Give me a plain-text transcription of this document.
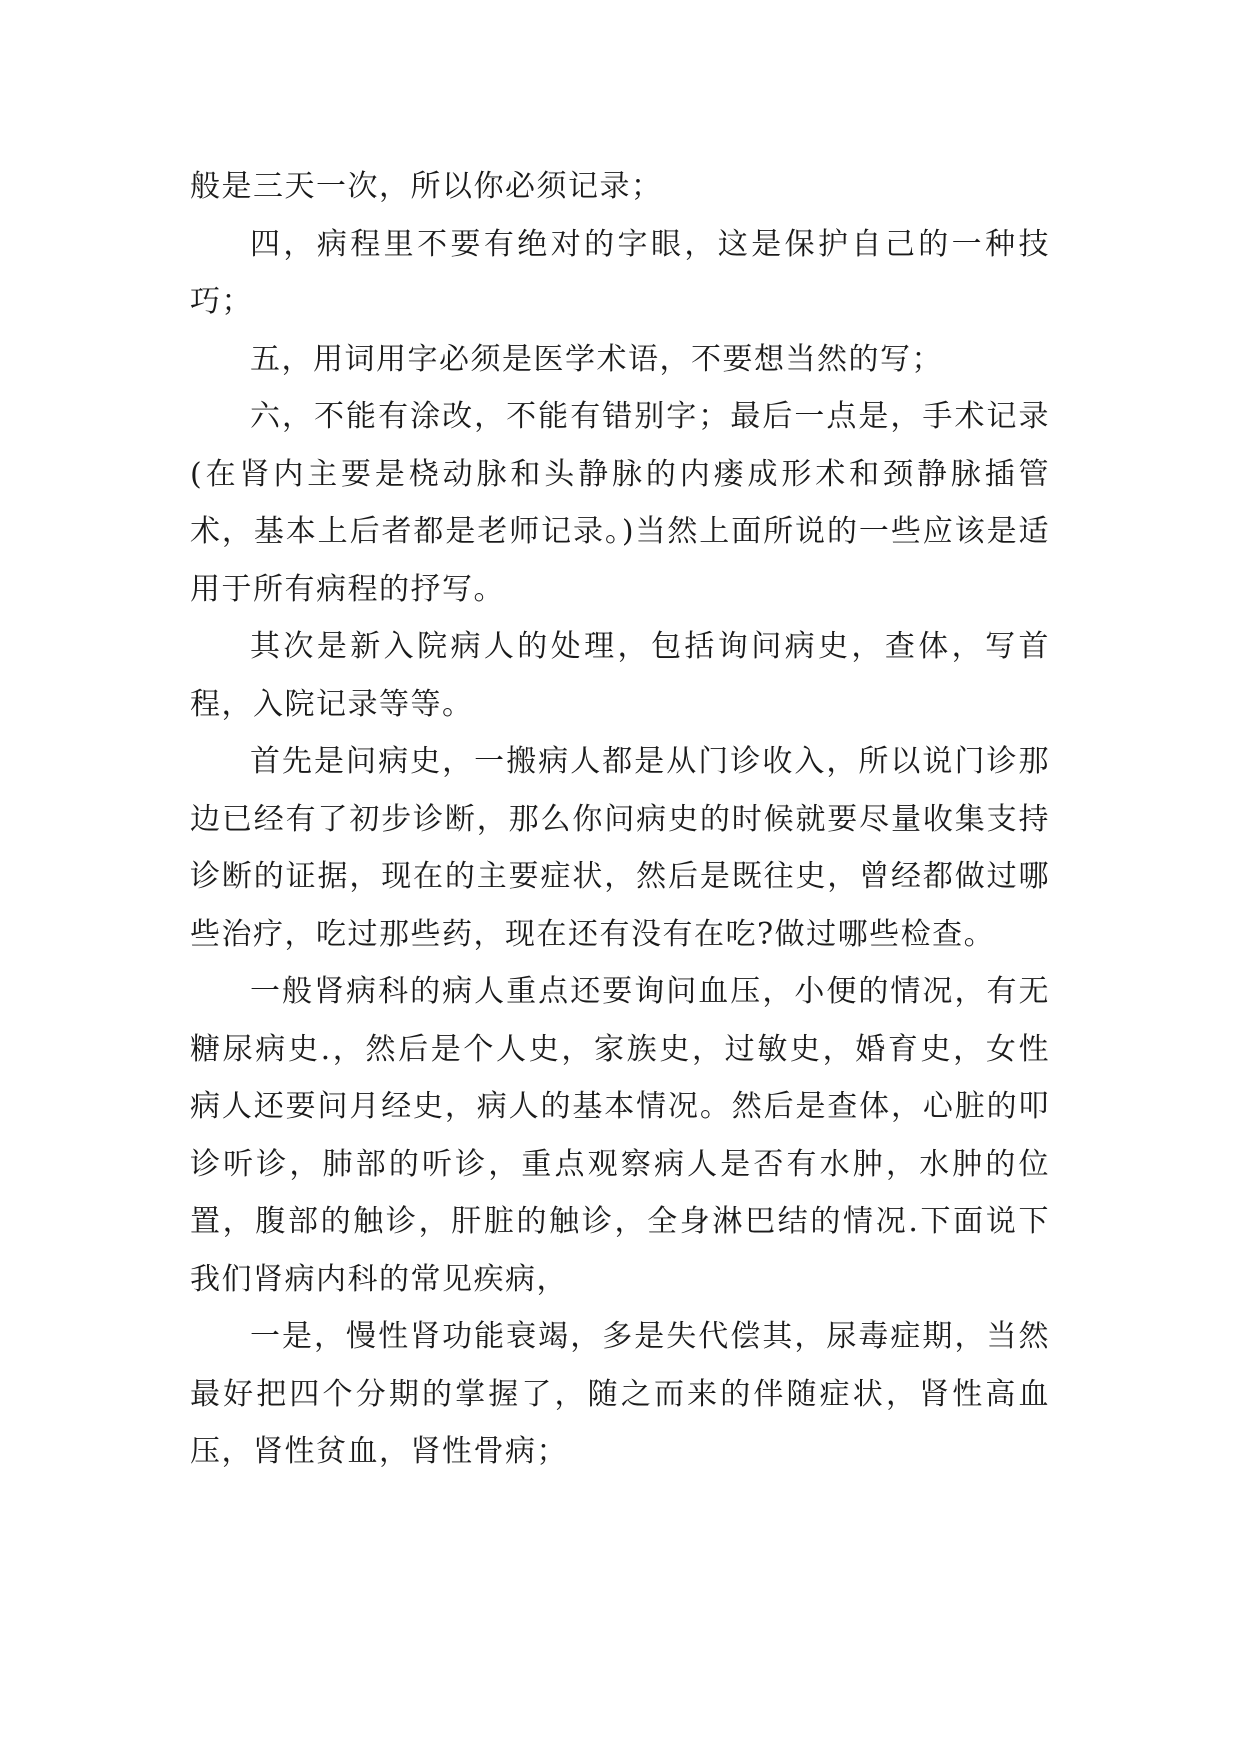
般是三天一次，所以你必须记录；

四，病程里不要有绝对的字眼，这是保护自己的一种技巧；

五，用词用字必须是医学术语，不要想当然的写；

六，不能有涂改，不能有错别字；最后一点是，手术记录(在肾内主要是桡动脉和头静脉的内瘘成形术和颈静脉插管术，基本上后者都是老师记录。)当然上面所说的一些应该是适用于所有病程的抒写。

其次是新入院病人的处理，包括询问病史，查体，写首程，入院记录等等。

首先是问病史，一搬病人都是从门诊收入，所以说门诊那边已经有了初步诊断，那么你问病史的时候就要尽量收集支持诊断的证据，现在的主要症状，然后是既往史，曾经都做过哪些治疗，吃过那些药，现在还有没有在吃?做过哪些检查。

一般肾病科的病人重点还要询问血压，小便的情况，有无糖尿病史.，然后是个人史，家族史，过敏史，婚育史，女性病人还要问月经史，病人的基本情况。然后是查体，心脏的叩诊听诊，肺部的听诊，重点观察病人是否有水肿，水肿的位置，腹部的触诊，肝脏的触诊，全身淋巴结的情况.下面说下我们肾病内科的常见疾病，

一是，慢性肾功能衰竭，多是失代偿其，尿毒症期，当然最好把四个分期的掌握了，随之而来的伴随症状，肾性高血压，肾性贫血，肾性骨病；
